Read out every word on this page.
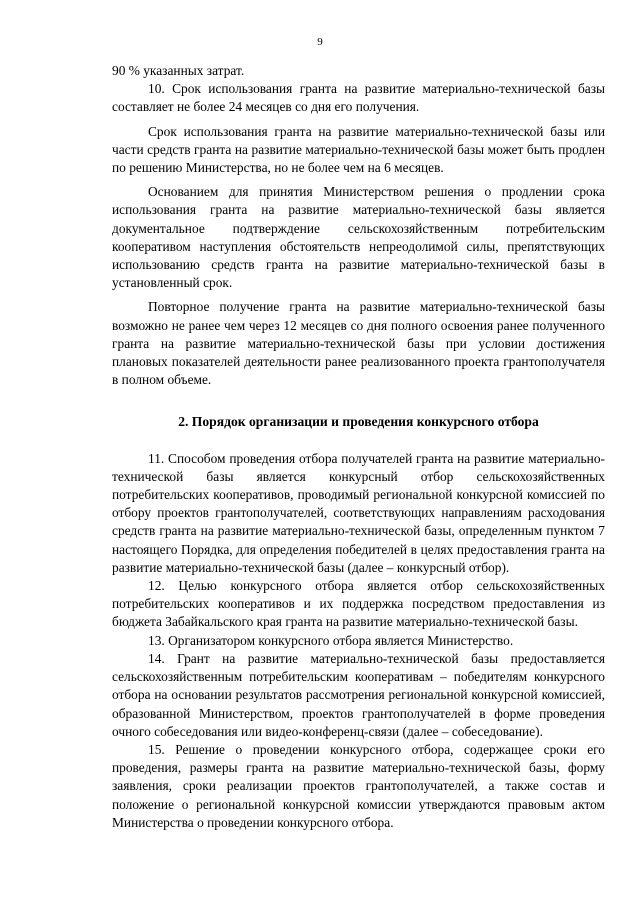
9

90 % указанных затрат.

10. Срок использования гранта на развитие материально-технической базы составляет не более 24 месяцев со дня его получения.

Срок использования гранта на развитие материально-технической базы или части средств гранта на развитие материально-технической базы может быть продлен по решению Министерства, но не более чем на 6 месяцев.

Основанием для принятия Министерством решения о продлении срока использования гранта на развитие материально-технической базы является документальное подтверждение сельскохозяйственным потребительским кооперативом наступления обстоятельств непреодолимой силы, препятствующих использованию средств гранта на развитие материально-технической базы в установленный срок.

Повторное получение гранта на развитие материально-технической базы возможно не ранее чем через 12 месяцев со дня полного освоения ранее полученного гранта на развитие материально-технической базы при условии достижения плановых показателей деятельности ранее реализованного проекта грантополучателя в полном объеме.

2. Порядок организации и проведения конкурсного отбора

11. Способом проведения отбора получателей гранта на развитие материально-технической базы является конкурсный отбор сельскохозяйственных потребительских кооперативов, проводимый региональной конкурсной комиссией по отбору проектов грантополучателей, соответствующих направлениям расходования средств гранта на развитие материально-технической базы, определенным пунктом 7 настоящего Порядка, для определения победителей в целях предоставления гранта на развитие материально-технической базы (далее – конкурсный отбор).

12. Целью конкурсного отбора является отбор сельскохозяйственных потребительских кооперативов и их поддержка посредством предоставления из бюджета Забайкальского края гранта на развитие материально-технической базы.

13. Организатором конкурсного отбора является Министерство.

14. Грант на развитие материально-технической базы предоставляется сельскохозяйственным потребительским кооперативам – победителям конкурсного отбора на основании результатов рассмотрения региональной конкурсной комиссией, образованной Министерством, проектов грантополучателей в форме проведения очного собеседования или видео-конференц-связи (далее – собеседование).

15. Решение о проведении конкурсного отбора, содержащее сроки его проведения, размеры гранта на развитие материально-технической базы, форму заявления, сроки реализации проектов грантополучателей, а также состав и положение о региональной конкурсной комиссии утверждаются правовым актом Министерства о проведении конкурсного отбора.
